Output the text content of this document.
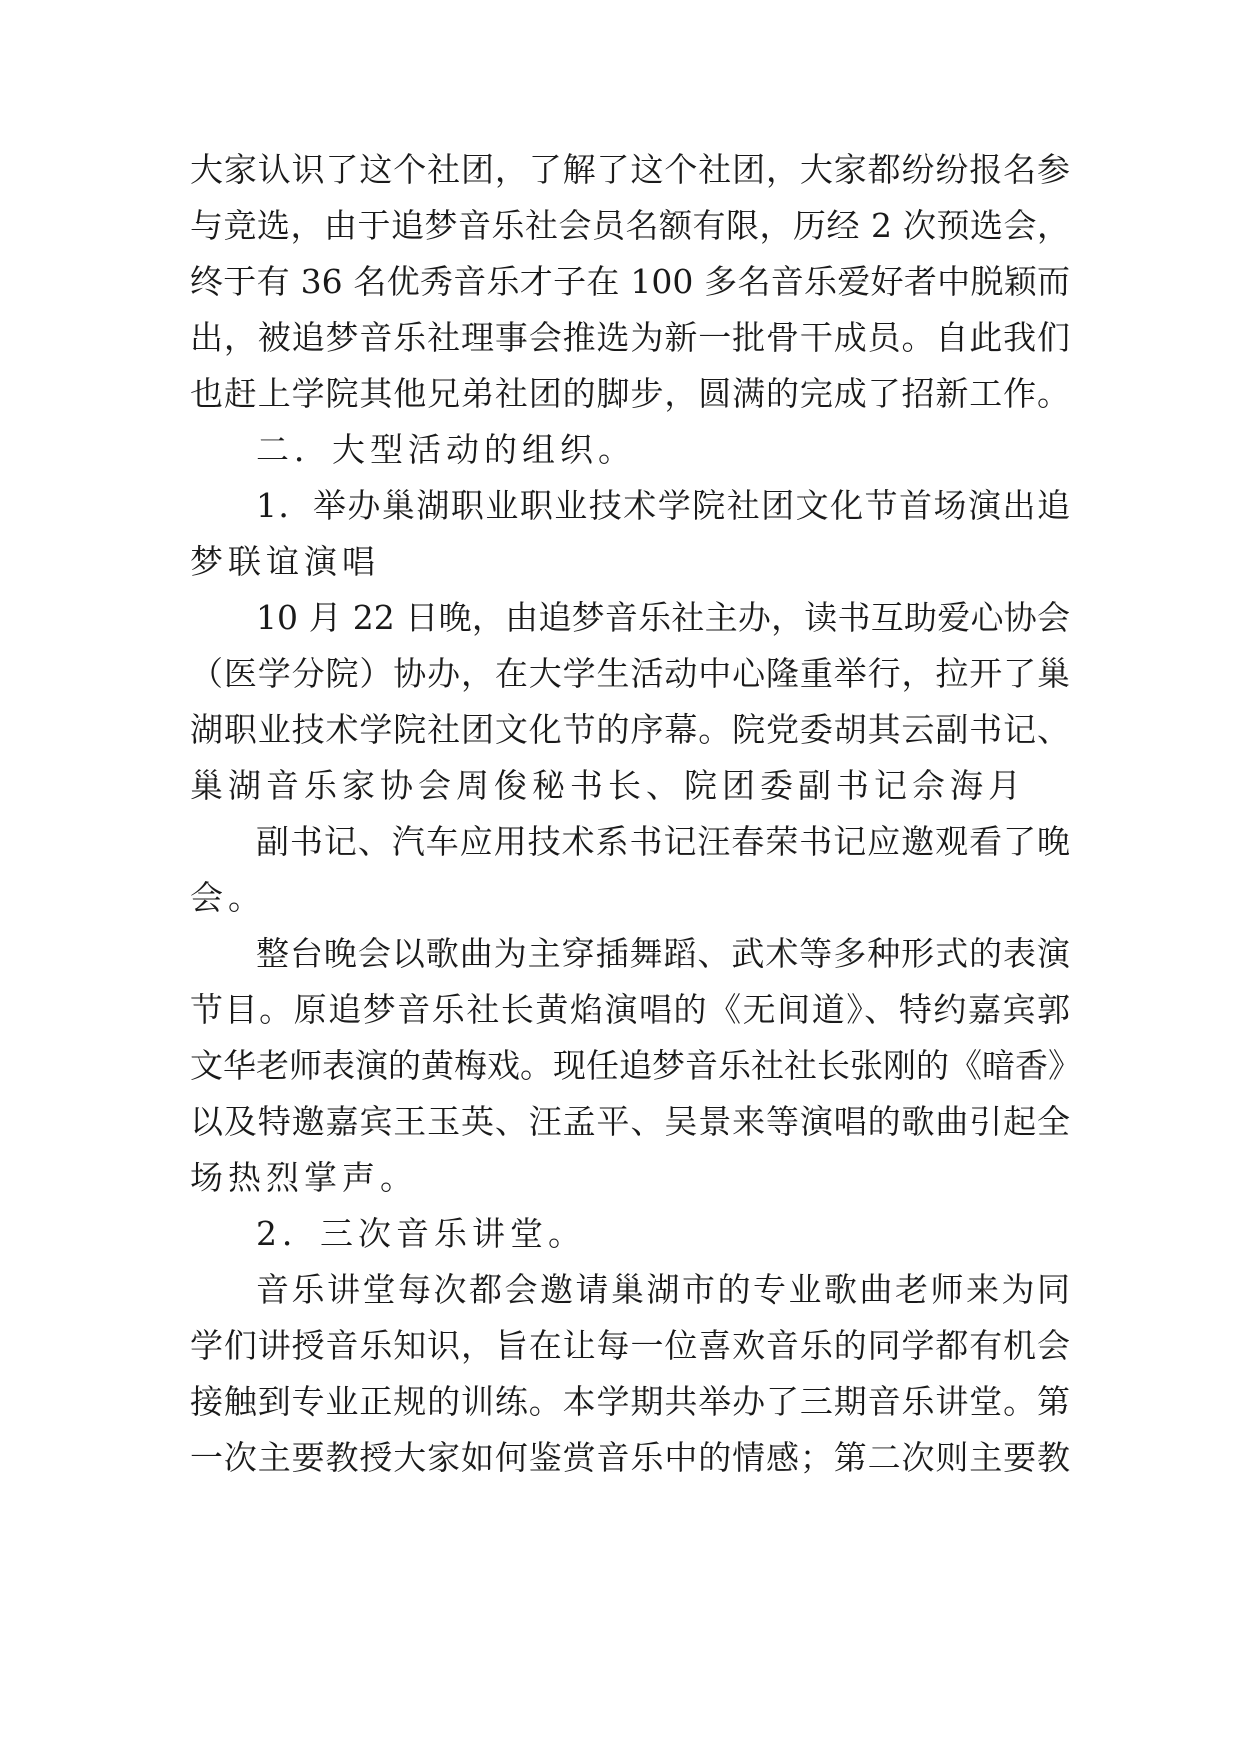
大家认识了这个社团，了解了这个社团，大家都纷纷报名参
与竞选，由于追梦音乐社会员名额有限，历经 2 次预选会，
终于有 36 名优秀音乐才子在 100 多名音乐爱好者中脱颖而
出，被追梦音乐社理事会推选为新一批骨干成员。自此我们
也赶上学院其他兄弟社团的脚步，圆满的完成了招新工作。
二．大型活动的组织。
1．举办巢湖职业职业技术学院社团文化节首场演出追
梦联谊演唱
10 月 22 日晚，由追梦音乐社主办，读书互助爱心协会
（医学分院）协办，在大学生活动中心隆重举行，拉开了巢
湖职业技术学院社团文化节的序幕。院党委胡其云副书记、
巢湖音乐家协会周俊秘书长、院团委副书记佘海月
副书记、汽车应用技术系书记汪春荣书记应邀观看了晚
会。
整台晚会以歌曲为主穿插舞蹈、武术等多种形式的表演
节目。原追梦音乐社长黄焰演唱的《无间道》、特约嘉宾郭
文华老师表演的黄梅戏。现任追梦音乐社社长张刚的《暗香》
以及特邀嘉宾王玉英、汪孟平、吴景来等演唱的歌曲引起全
场热烈掌声。
2．三次音乐讲堂。
音乐讲堂每次都会邀请巢湖市的专业歌曲老师来为同
学们讲授音乐知识，旨在让每一位喜欢音乐的同学都有机会
接触到专业正规的训练。本学期共举办了三期音乐讲堂。第
一次主要教授大家如何鉴赏音乐中的情感；第二次则主要教
